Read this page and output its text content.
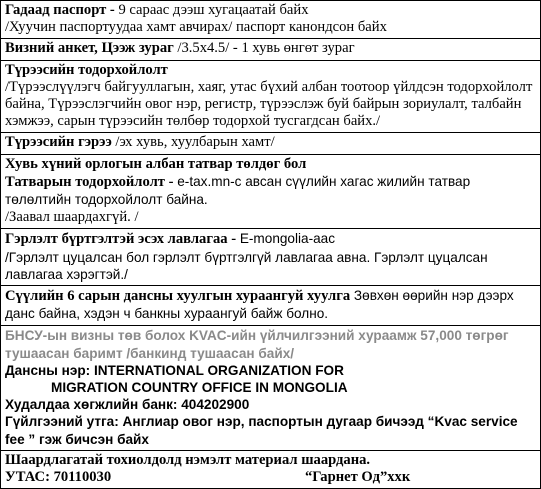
Гадаад паспорт - 9 сараас дээш хугацаатай байх
/Хуучин паспортуудаа хамт авчирах/ паспорт канондсон байх
Визний анкет, Цээж зураг /3.5х4.5/ - 1 хувь өнгөт зураг
Түрээсийн тодорхойлолт
/Түрээслүүлэгч байгууллагын, хаяг, утас бүхий албан тоотоор үйлдсэн тодорхойлолт байна, Түрээслэгчийн овог нэр, регистр, түрээслэж буй байрын зориулалт, талбайн хэмжээ, сарын түрээсийн төлбөр тодорхой тусгагдсан байх./
Түрээсийн гэрээ /эх хувь, хуулбарын хамт/
Хувь хүний орлогын албан татвар төлдөг бол
Татварын тодорхойлолт - e-tax.mn-с авсан сүүлийн хагас жилийн татвар төлөлтийн тодорхойлолт байна.
/Заавал шаардахгүй. /
Гэрлэлт бүртгэлтэй эсэх лавлагаа - E-mongolia-aac
/Гэрлэлт цуцалсан бол гэрлэлт бүртгэлгүй лавлагаа авна. Гэрлэлт цуцалсан лавлагаа хэрэгтэй./
Сүүлийн 6 сарын дансны хуулгын хураангуй хуулга Зөвхөн өөрийн нэр дээрх данс байна, хэдэн ч банкны хураангуй байж болно.
БНСУ-ын визны төв болох KVAC-ийн үйлчилгээний хураамж 57,000 төгрөг тушаасан баримт /банкинд тушаасан байх/
Дансны нэр: INTERNATIONAL ORGANIZATION FOR
MIGRATION COUNTRY OFFICE IN MONGOLIA
Худалдаа хөгжлийн банк: 404202900
Гүйлгээний утга: Англиар овог нэр, паспортын дугаар бичээд “Kvac service fee ” гэж бичсэн байх
Шаардлагатай тохиолдолд нэмэлт материал шаардана.
УТАС: 70110030	“Гарнет Од”ххк
